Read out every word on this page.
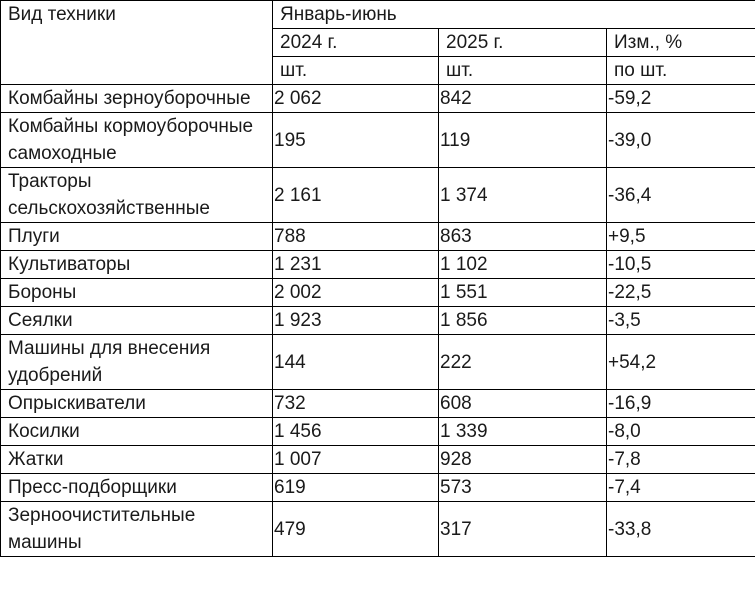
Вид техники	Январь-июнь		
	2024 г.	2025 г.	Изм., %
	шт.	шт.	по шт.
Комбайны зерноуборочные	2 062	842	-59,2
Комбайны кормоуборочные самоходные	195	119	-39,0
Тракторы сельскохозяйственные	2 161	1 374	-36,4
Плуги	788	863	+9,5
Культиваторы	1 231	1 102	-10,5
Бороны	2 002	1 551	-22,5
Сеялки	1 923	1 856	-3,5
Машины для внесения удобрений	144	222	+54,2
Опрыскиватели	732	608	-16,9
Косилки	1 456	1 339	-8,0
Жатки	1 007	928	-7,8
Пресс-подборщики	619	573	-7,4
Зерноочистительные машины	479	317	-33,8
